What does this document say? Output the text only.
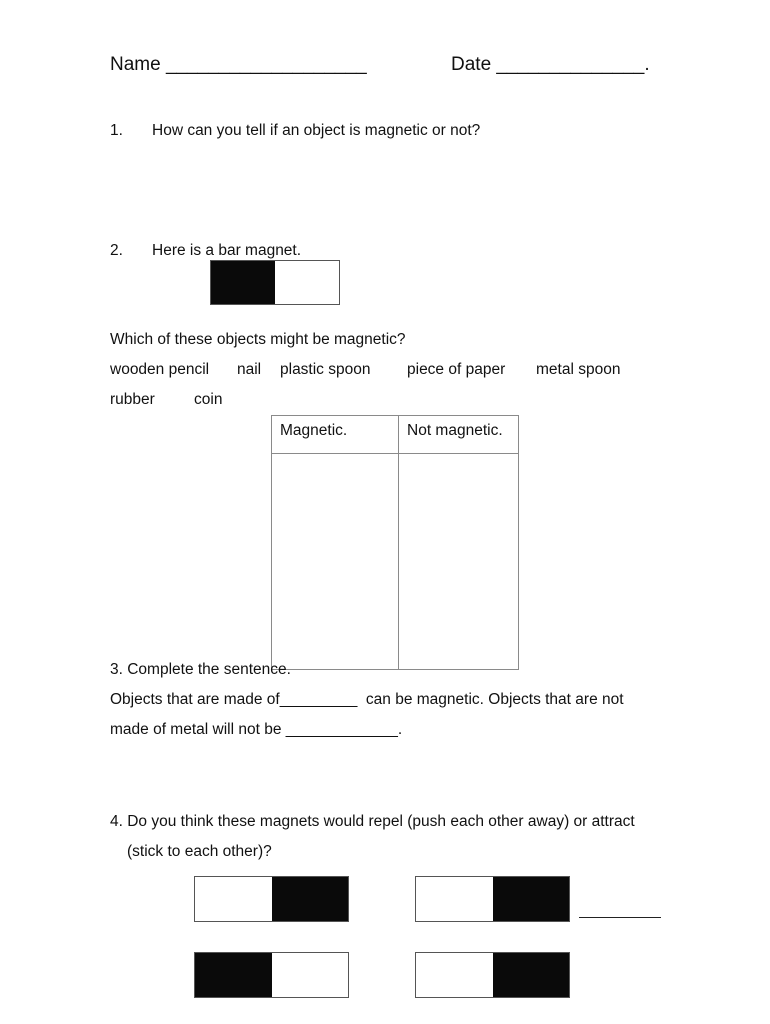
Name ___________________	Date ______________.
1. How can you tell if an object is magnetic or not?
2. Here is a bar magnet.
Which of these objects might be magnetic?
wooden pencil nail plastic spoon piece of paper metal spoon
rubber	coin
Magnetic.	Not magnetic.
3. Complete the sentence.
Objects that are made of_________  can be magnetic. Objects that are not
made of metal will not be _____________.
4. Do you think these magnets would repel (push each other away) or attract
(stick to each other)?
